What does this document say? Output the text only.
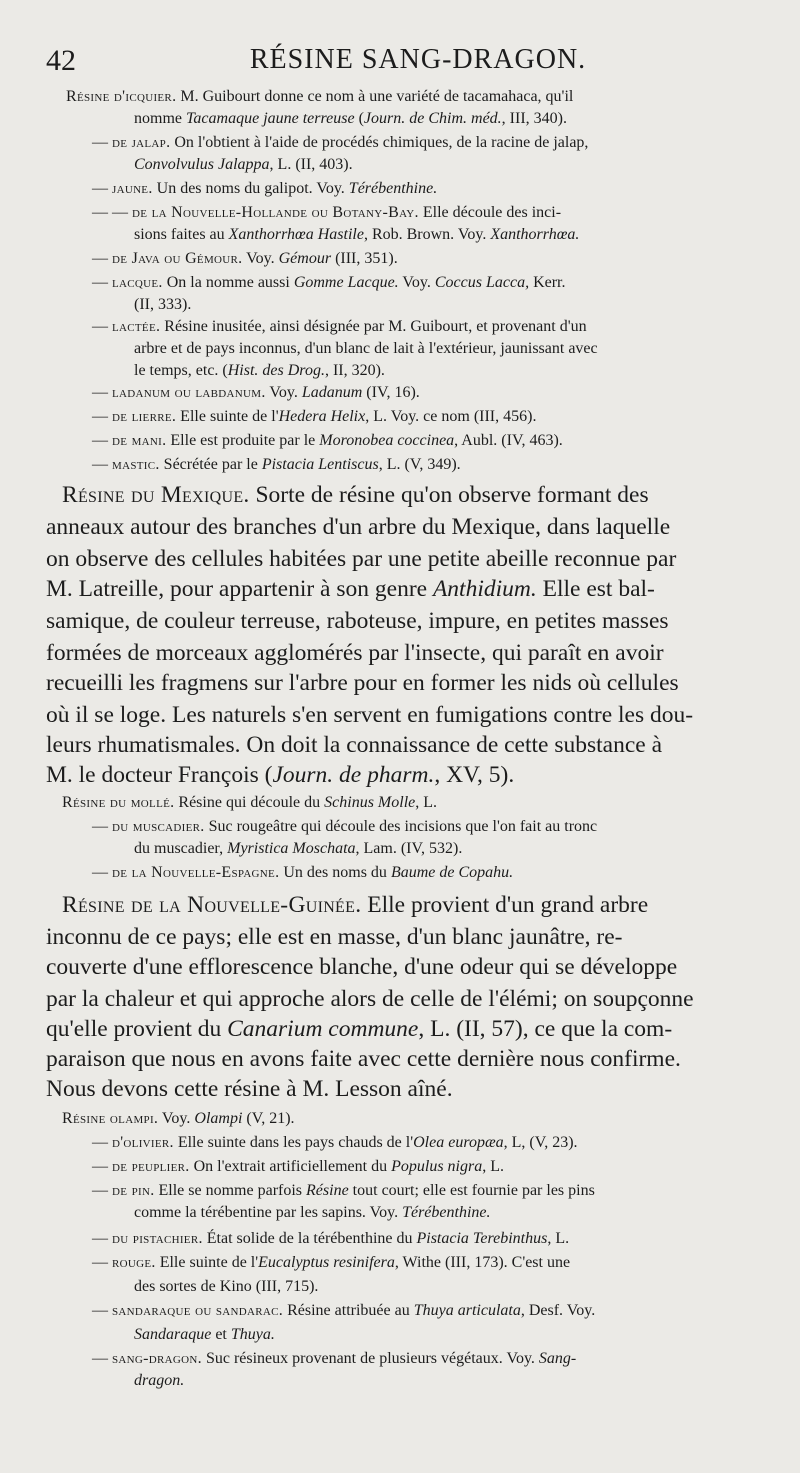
42	RÉSINE SANG-DRAGON.
Résine d'icquier. M. Guibourt donne ce nom à une variété de tacamahaca, qu'il
nomme Tacamaque jaune terreuse (Journ. de Chim. méd., III, 340).
— de jalap. On l'obtient à l'aide de procédés chimiques, de la racine de jalap,
Convolvulus Jalappa, L. (II, 403).
— jaune. Un des noms du galipot. Voy. Térébenthine.
— — de la Nouvelle-Hollande ou Botany-Bay. Elle découle des inci-
sions faites au Xanthorrhœa Hastile, Rob. Brown. Voy. Xanthorrhœa.
— de Java ou Gémour. Voy. Gémour (III, 351).
— lacque. On la nomme aussi Gomme Lacque. Voy. Coccus Lacca, Kerr.
(II, 333).
— lactée. Résine inusitée, ainsi désignée par M. Guibourt, et provenant d'un
arbre et de pays inconnus, d'un blanc de lait à l'extérieur, jaunissant avec
le temps, etc. (Hist. des Drog., II, 320).
— ladanum ou labdanum. Voy. Ladanum (IV, 16).
— de lierre. Elle suinte de l'Hedera Helix, L. Voy. ce nom (III, 456).
— de mani. Elle est produite par le Moronobea coccinea, Aubl. (IV, 463).
— mastic. Sécrétée par le Pistacia Lentiscus, L. (V, 349).
Résine du Mexique. Sorte de résine qu'on observe formant des
anneaux autour des branches d'un arbre du Mexique, dans laquelle
on observe des cellules habitées par une petite abeille reconnue par
M. Latreille, pour appartenir à son genre Anthidium. Elle est bal-
samique, de couleur terreuse, raboteuse, impure, en petites masses
formées de morceaux agglomérés par l'insecte, qui paraît en avoir
recueilli les fragmens sur l'arbre pour en former les nids où cellules
où il se loge. Les naturels s'en servent en fumigations contre les dou-
leurs rhumatismales. On doit la connaissance de cette substance à
M. le docteur François (Journ. de pharm., XV, 5).
Résine du mollé. Résine qui découle du Schinus Molle, L.
— du muscadier. Suc rougeâtre qui découle des incisions que l'on fait au tronc
du muscadier, Myristica Moschata, Lam. (IV, 532).
— de la Nouvelle-Espagne. Un des noms du Baume de Copahu.
Résine de la Nouvelle-Guinée. Elle provient d'un grand arbre
inconnu de ce pays; elle est en masse, d'un blanc jaunâtre, re-
couverte d'une efflorescence blanche, d'une odeur qui se développe
par la chaleur et qui approche alors de celle de l'élémi; on soupçonne
qu'elle provient du Canarium commune, L. (II, 57), ce que la com-
paraison que nous en avons faite avec cette dernière nous confirme.
Nous devons cette résine à M. Lesson aîné.
Résine olampi. Voy. Olampi (V, 21).
— d'olivier. Elle suinte dans les pays chauds de l'Olea europæa, L, (V, 23).
— de peuplier. On l'extrait artificiellement du Populus nigra, L.
— de pin. Elle se nomme parfois Résine tout court; elle est fournie par les pins
comme la térébentine par les sapins. Voy. Térébenthine.
— du pistachier. État solide de la térébenthine du Pistacia Terebinthus, L.
— rouge. Elle suinte de l'Eucalyptus resinifera, Withe (III, 173). C'est une
des sortes de Kino (III, 715).
— sandaraque ou sandarac. Résine attribuée au Thuya articulata, Desf. Voy.
Sandaraque et Thuya.
— sang-dragon. Suc résineux provenant de plusieurs végétaux. Voy. Sang-
dragon.
